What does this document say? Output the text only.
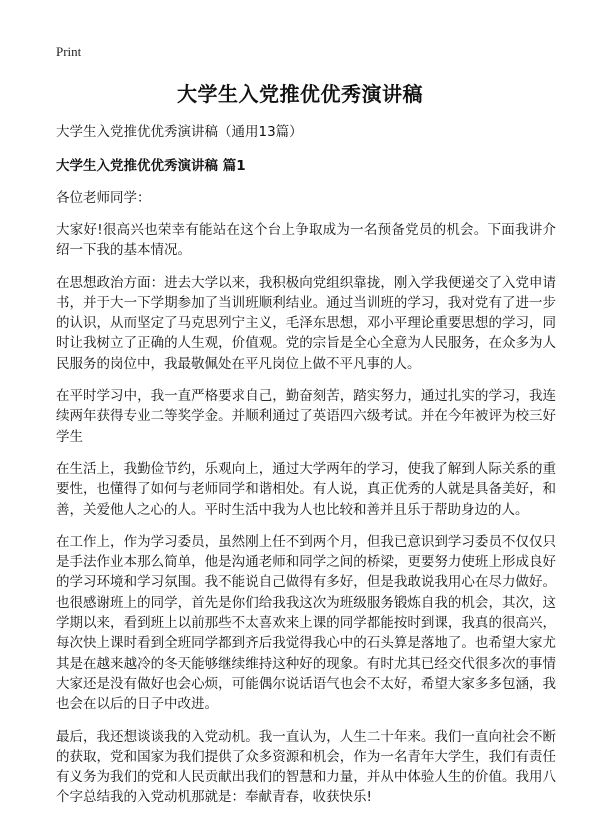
Print
大学生入党推优优秀演讲稿

大学生入党推优优秀演讲稿（通用13篇）

大学生入党推优优秀演讲稿 篇1

各位老师同学：

大家好!很高兴也荣幸有能站在这个台上争取成为一名预备党员的机会。下面我讲介绍一下我的基本情况。

在思想政治方面：进去大学以来，我积极向党组织靠拢，刚入学我便递交了入党申请书，并于大一下学期参加了当训班顺利结业。通过当训班的学习，我对党有了进一步的认识，从而坚定了马克思列宁主义，毛泽东思想，邓小平理论重要思想的学习，同时让我树立了正确的人生观，价值观。党的宗旨是全心全意为人民服务，在众多为人民服务的岗位中，我最敬佩处在平凡岗位上做不平凡事的人。

在平时学习中，我一直严格要求自己，勤奋刻苦，踏实努力，通过扎实的学习，我连续两年获得专业二等奖学金。并顺利通过了英语四六级考试。并在今年被评为校三好学生

在生活上，我勤俭节约，乐观向上，通过大学两年的学习，使我了解到人际关系的重要性，也懂得了如何与老师同学和谐相处。有人说，真正优秀的人就是具备美好，和善，关爱他人之心的人。平时生活中我为人也比较和善并且乐于帮助身边的人。

在工作上，作为学习委员，虽然刚上任不到两个月，但我已意识到学习委员不仅仅只是手法作业本那么简单，他是沟通老师和同学之间的桥梁，更要努力使班上形成良好的学习环境和学习氛围。我不能说自己做得有多好，但是我敢说我用心在尽力做好。也很感谢班上的同学，首先是你们给我我这次为班级服务锻炼自我的机会，其次，这学期以来，看到班上以前那些不太喜欢来上课的同学都能按时到课，我真的很高兴，每次快上课时看到全班同学都到齐后我觉得我心中的石头算是落地了。也希望大家尤其是在越来越冷的冬天能够继续维持这种好的现象。有时尤其已经交代很多次的事情大家还是没有做好也会心烦，可能偶尔说话语气也会不太好，希望大家多多包涵，我也会在以后的日子中改进。

最后，我还想谈谈我的入党动机。我一直认为，人生二十年来。我们一直向社会不断的获取，党和国家为我们提供了众多资源和机会，作为一名青年大学生，我们有责任有义务为我们的党和人民贡献出我们的智慧和力量，并从中体验人生的价值。我用八个字总结我的入党动机那就是：奉献青春，收获快乐!
